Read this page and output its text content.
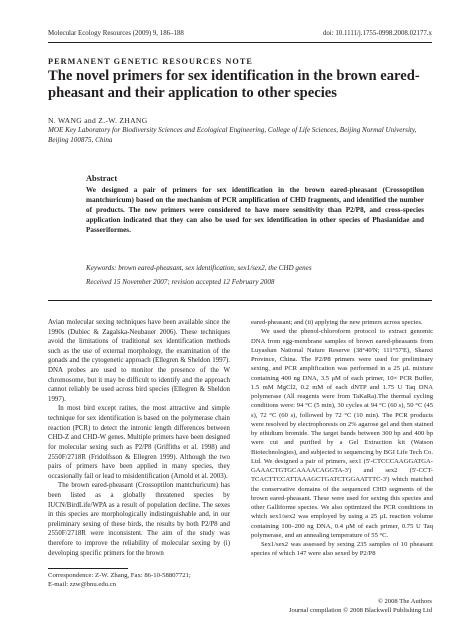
Molecular Ecology Resources (2009) 9, 186–188	doi: 10.1111/j.1755-0998.2008.02177.x
PERMANENT GENETIC RESOURCES NOTE
The novel primers for sex identification in the brown eared-pheasant and their application to other species
N. WANG and Z.-W. ZHANG
MOE Key Laboratory for Biodiversity Sciences and Ecological Engineering, College of Life Sciences, Beijing Normal University, Beijing 100875, China
Abstract
We designed a pair of primers for sex identification in the brown eared-pheasant (Crossoptilon mantchuricum) based on the mechanism of PCR amplification of CHD fragments, and identified the number of products. The new primers were considered to have more sensitivity than P2/P8, and cross-species application indicated that they can also be used for sex identification in other species of Phasianidae and Passeriformes.
Keywords: brown eared-pheasant, sex identification, sex1/sex2, the CHD genes
Received 15 November 2007; revision accepted 12 February 2008

Avian molecular sexing techniques have been available since the 1990s (Dubiec & Zagalska-Neubauer 2006). These techniques avoid the limitations of traditional sex identification methods such as the use of external morphology, the examination of the gonads and the cytogenetic approach (Ellegren & Sheldon 1997). DNA probes are used to monitor the presence of the W chromosome, but it may be difficult to identify and the approach cannot reliably be used across bird species (Ellegren & Sheldon 1997).

In most bird except ratites, the most attractive and simple technique for sex identification is based on the polymerase chain reaction (PCR) to detect the intronic length differences between CHD-Z and CHD-W genes. Multiple primers have been designed for molecular sexing such as P2/P8 (Griffiths et al. 1998) and 2550F/2718R (Fridolfsson & Ellegren 1999). Although the two pairs of primers have been applied in many species, they occasionally fail or lead to misidentification (Arnold et al. 2003).

The brown eared-pheasant (Crossoptilon mantchuricum) has been listed as a globally threatened species by IUCN/BirdLife/WPA as a result of population decline. The sexes in this species are morphologically indistinguishable and, in our preliminary sexing of these birds, the results by both P2/P8 and 2550F/2718R were inconsistent. The aim of the study was therefore to improve the reliability of molecular sexing by (i) developing specific primers for the brown

eared-pheasant; and (ii) applying the new primers across species.

We used the phenol-chloroform protocol to extract genomic DNA from egg-membrane samples of brown eared-pheasants from Luyashan National Nature Reserve (38°40'N; 111°57'E), Shanxi Province, China. The P2/P8 primers were used for preliminary sexing, and PCR amplification was performed in a 25 μL mixture containing 400 ng DNA, 3.5 μM of each primer, 10× PCR Buffer, 1.5 mM MgCl2, 0.2 mM of each dNTP and 1.75 U Taq DNA polymerase (All reagents were from TaKaRa).The thermal cycling conditions were: 94 °C (5 min), 30 cycles at 94 °C (60 s), 50 °C (45 s), 72 °C (60 s), followed by 72 °C (10 min). The PCR products were resolved by electrophoresis on 2% agarose gel and then stained by ethidium bromide. The target bands between 300 bp and 400 bp were cut and purified by a Gel Extraction kit (Watson Biotechnologies), and subjected to sequencing by BGI Life Tech Co. Ltd. We designed a pair of primers, sex1 (5'-CTCCCAAGGATGA-GAAACTGTGCAAAACAGGTA-3') and sex2 (5'-CCT-TCACTTCCATTAAAGCTGATCTGGAATTTC-3') which matched the conservative domains of the sequenced CHD segments of the brown eared-pheasant. These were used for sexing this species and other Galliforme species. We also optimized the PCR conditions in which sex1/sex2 was employed by using a 25 μL reaction volume containing 100–200 ng DNA, 0.4 μM of each primer, 0.75 U Taq polymerase, and an annealing temperature of 55 °C.

Sex1/sex2 was assessed by sexing 235 samples of 10 pheasant species of which 147 were also sexed by P2/P8

Correspondence: Z-W. Zhang, Fax: 86-10-58807721;
E-mail: zzw@bnu.edu.cn
© 2008 The Authors
Journal compilation © 2008 Blackwell Publishing Ltd
